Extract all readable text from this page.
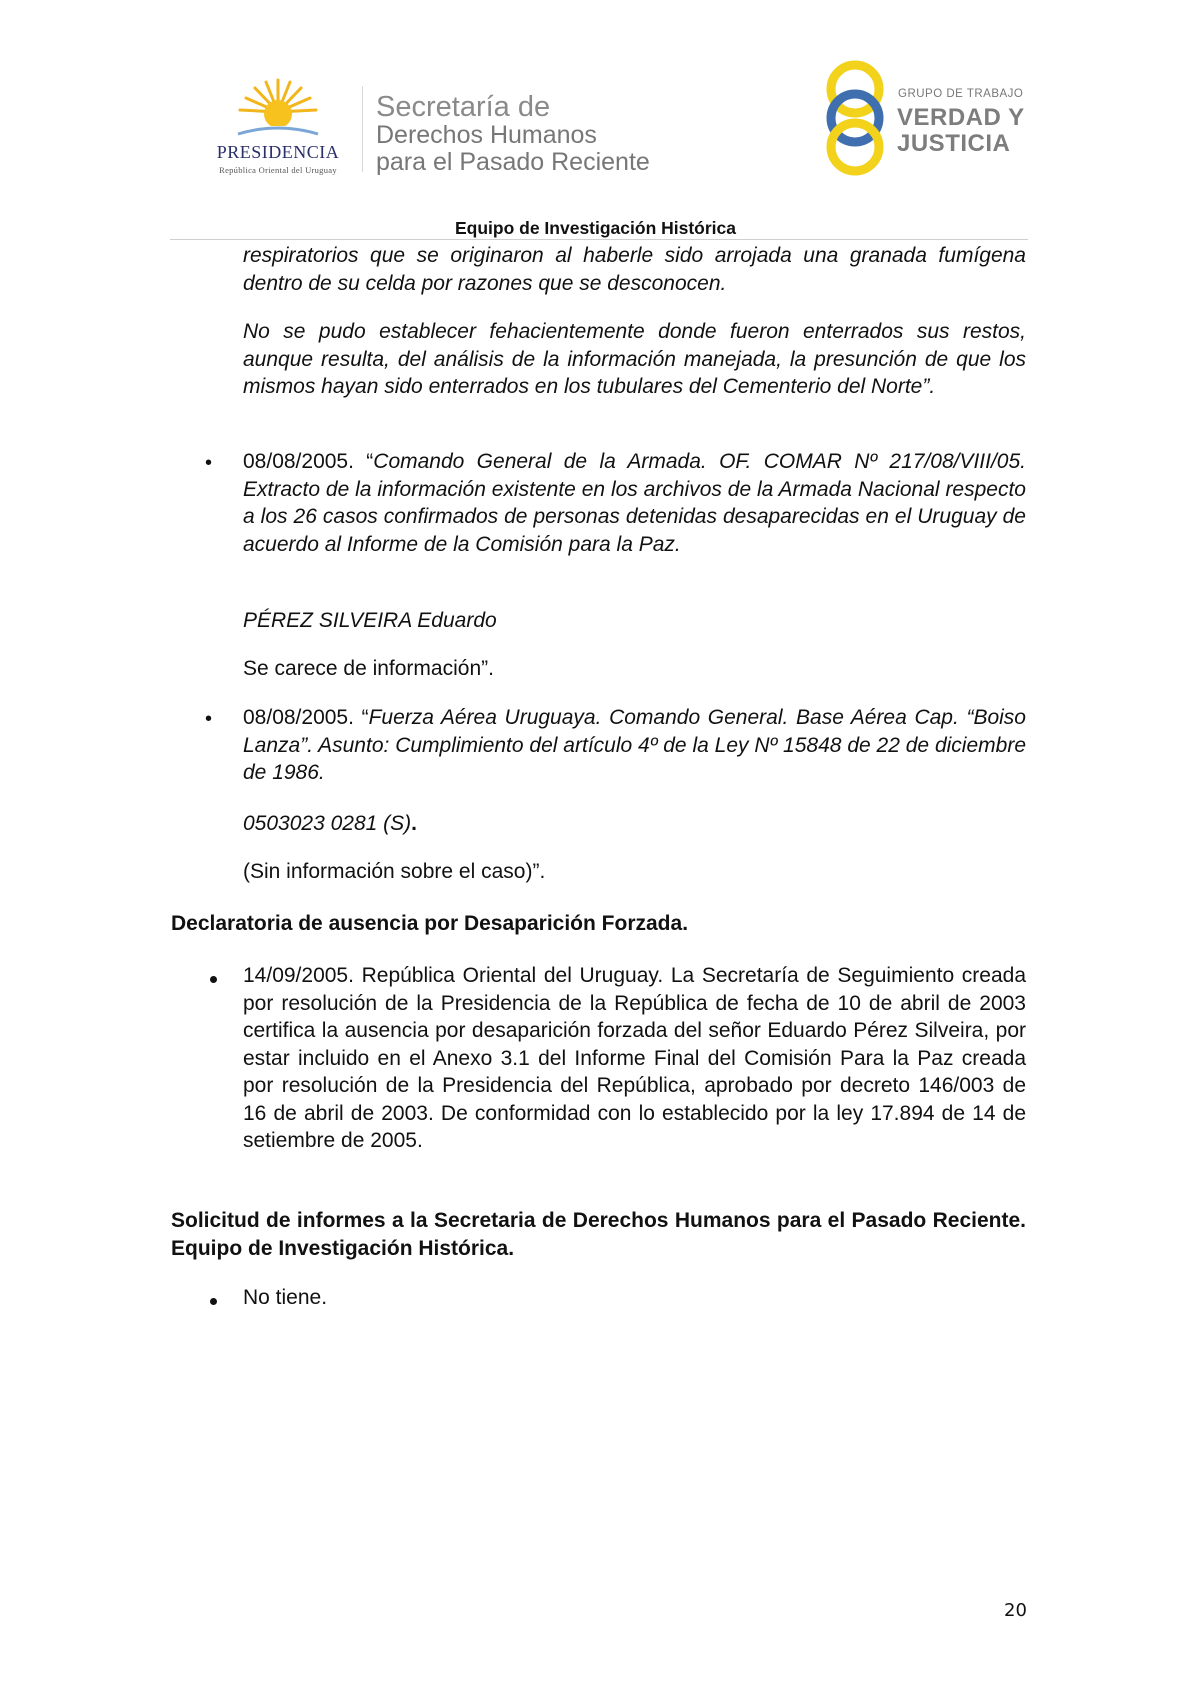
PRESIDENCIA
República Oriental del Uruguay
Secretaría de
Derechos Humanos
para el Pasado Reciente
GRUPO DE TRABAJO
VERDAD Y
JUSTICIA
Equipo de Investigación Histórica

respiratorios que se originaron al haberle sido arrojada una granada fumígena dentro de su celda por razones que se desconocen.

No se pudo establecer fehacientemente donde fueron enterrados sus restos, aunque resulta, del análisis de la información manejada, la presunción de que los mismos hayan sido enterrados en los tubulares del Cementerio del Norte”.

• 08/08/2005. “Comando General de la Armada. OF. COMAR Nº 217/08/VIII/05. Extracto de la información existente en los archivos de la Armada Nacional respecto a los 26 casos confirmados de personas detenidas desaparecidas en el Uruguay de acuerdo al Informe de la Comisión para la Paz.

PÉREZ SILVEIRA Eduardo

Se carece de información”.

• 08/08/2005. “Fuerza Aérea Uruguaya. Comando General. Base Aérea Cap. “Boiso Lanza”. Asunto: Cumplimiento del artículo 4º de la Ley Nº 15848 de 22 de diciembre de 1986.

0503023 0281 (S).

(Sin información sobre el caso)”.

Declaratoria de ausencia por Desaparición Forzada.

14/09/2005. República Oriental del Uruguay. La Secretaría de Seguimiento creada por resolución de la Presidencia de la República de fecha de 10 de abril de 2003 certifica la ausencia por desaparición forzada del señor Eduardo Pérez Silveira, por estar incluido en el Anexo 3.1 del Informe Final del Comisión Para la Paz creada por resolución de la Presidencia del República, aprobado por decreto 146/003 de 16 de abril de 2003. De conformidad con lo establecido por la ley 17.894 de 14 de setiembre de 2005.

Solicitud de informes a la Secretaria de Derechos Humanos para el Pasado Reciente. Equipo de Investigación Histórica.

No tiene.

20
